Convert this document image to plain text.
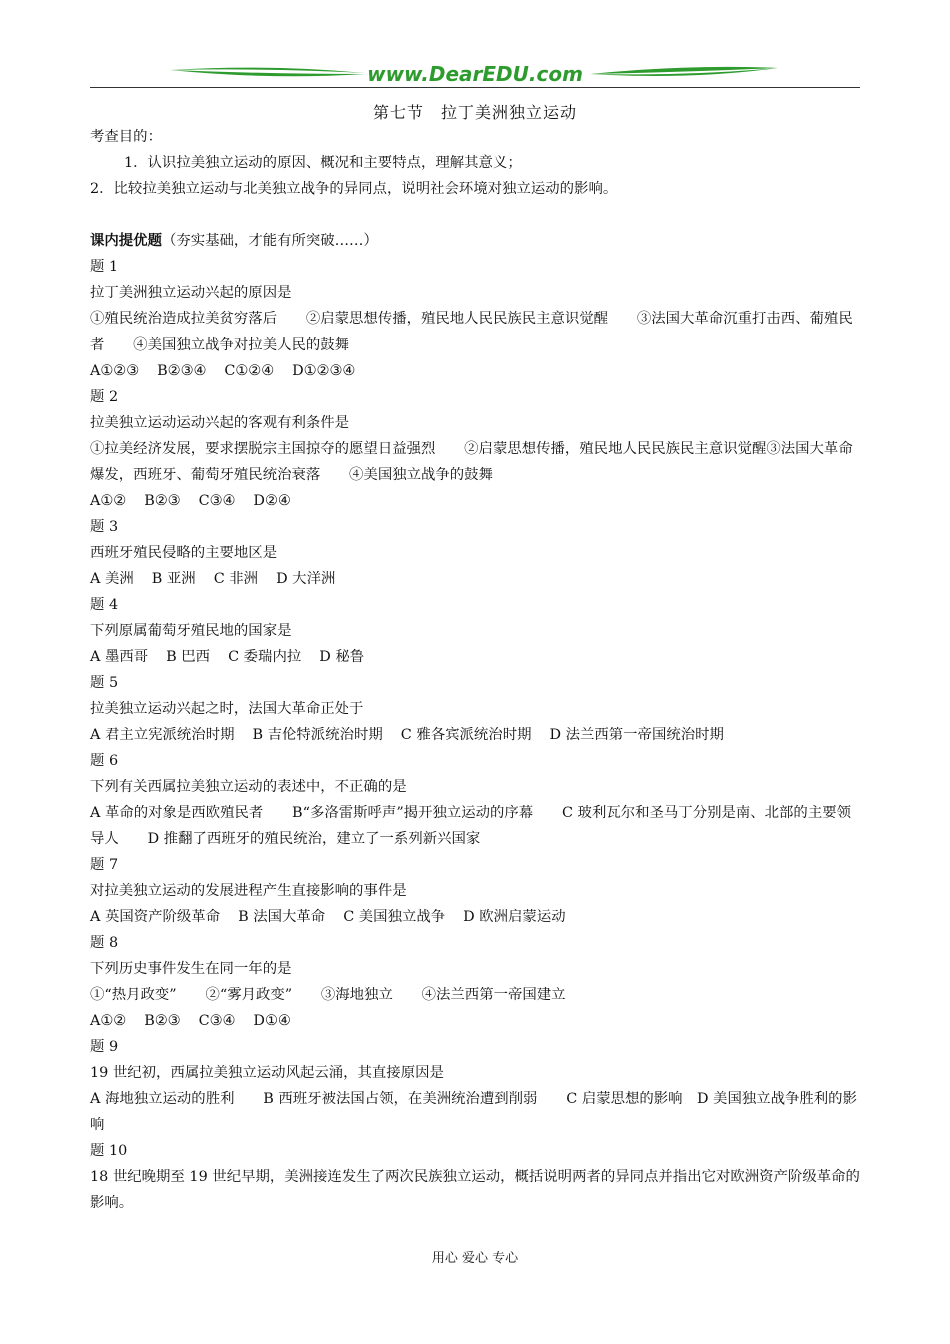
www.DearEDU.com
第七节　拉丁美洲独立运动
考查目的：
1．认识拉美独立运动的原因、概况和主要特点，理解其意义；
2．比较拉美独立运动与北美独立战争的异同点，说明社会环境对独立运动的影响。
课内提优题（夯实基础，才能有所突破……）
题 1
拉丁美洲独立运动兴起的原因是
①殖民统治造成拉美贫穷落后　　②启蒙思想传播，殖民地人民民族民主意识觉醒　　③法国大革命沉重打击西、葡殖民者　　④美国独立战争对拉美人民的鼓舞
A①②③ B②③④ C①②④ D①②③④
题 2
拉美独立运动运动兴起的客观有利条件是
①拉美经济发展，要求摆脱宗主国掠夺的愿望日益强烈　　②启蒙思想传播，殖民地人民民族民主意识觉醒③法国大革命爆发，西班牙、葡萄牙殖民统治衰落　　④美国独立战争的鼓舞
A①② B②③ C③④ D②④
题 3
西班牙殖民侵略的主要地区是
A 美洲 B 亚洲 C 非洲 D 大洋洲
题 4
下列原属葡萄牙殖民地的国家是
A 墨西哥 B 巴西 C 委瑞内拉 D 秘鲁
题 5
拉美独立运动兴起之时，法国大革命正处于
A 君主立宪派统治时期 B 吉伦特派统治时期 C 雅各宾派统治时期 D 法兰西第一帝国统治时期
题 6
下列有关西属拉美独立运动的表述中，不正确的是
A 革命的对象是西欧殖民者　　B“多洛雷斯呼声”揭开独立运动的序幕　　C 玻利瓦尔和圣马丁分别是南、北部的主要领导人　　D 推翻了西班牙的殖民统治，建立了一系列新兴国家
题 7
对拉美独立运动的发展进程产生直接影响的事件是
A 英国资产阶级革命 B 法国大革命 C 美国独立战争 D 欧洲启蒙运动
题 8
下列历史事件发生在同一年的是
①“热月政变”　　②“雾月政变”　　③海地独立　　④法兰西第一帝国建立
A①② B②③ C③④ D①④
题 9
19 世纪初，西属拉美独立运动风起云涌，其直接原因是
A 海地独立运动的胜利　　B 西班牙被法国占领，在美洲统治遭到削弱　　C 启蒙思想的影响　D 美国独立战争胜利的影响
题 10
18 世纪晚期至 19 世纪早期，美洲接连发生了两次民族独立运动，概括说明两者的异同点并指出它对欧洲资产阶级革命的影响。
用心 爱心 专心
